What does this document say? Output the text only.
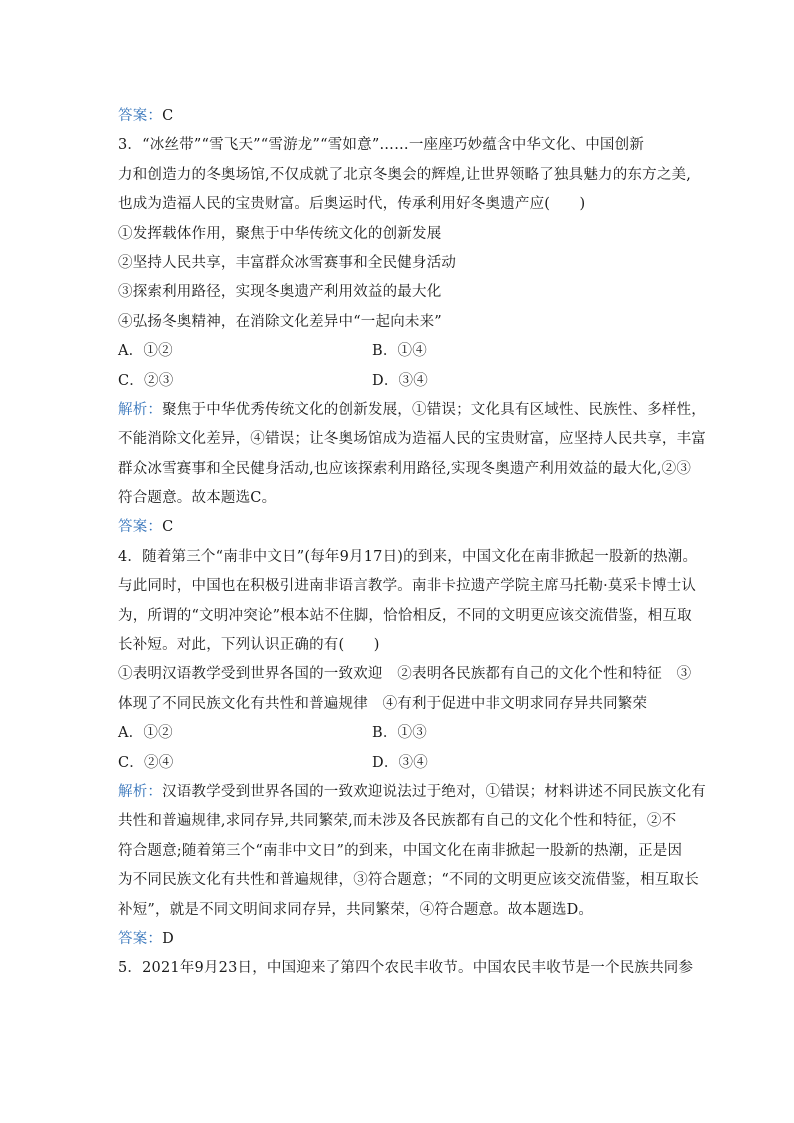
答案：C
3．“冰丝带”“雪飞天”“雪游龙”“雪如意”……一座座巧妙蕴含中华文化、中国创新
力和创造力的冬奥场馆,不仅成就了北京冬奥会的辉煌,让世界领略了独具魅力的东方之美,
也成为造福人民的宝贵财富。后奥运时代，传承利用好冬奥遗产应(　　)
①发挥载体作用，聚焦于中华传统文化的创新发展
②坚持人民共享，丰富群众冰雪赛事和全民健身活动
③探索利用路径，实现冬奥遗产利用效益的最大化
④弘扬冬奥精神，在消除文化差异中“一起向未来”
A．①②	B．①④
C．②③	D．③④
解析：聚焦于中华优秀传统文化的创新发展，①错误；文化具有区域性、民族性、多样性，
不能消除文化差异，④错误；让冬奥场馆成为造福人民的宝贵财富，应坚持人民共享，丰富
群众冰雪赛事和全民健身活动,也应该探索利用路径,实现冬奥遗产利用效益的最大化,②③
符合题意。故本题选C。
答案：C
4．随着第三个“南非中文日”(每年9月17日)的到来，中国文化在南非掀起一股新的热潮。
与此同时，中国也在积极引进南非语言教学。南非卡拉遗产学院主席马托勒·莫采卡博士认
为，所谓的“文明冲突论”根本站不住脚，恰恰相反，不同的文明更应该交流借鉴，相互取
长补短。对此，下列认识正确的有(　　)
①表明汉语教学受到世界各国的一致欢迎　②表明各民族都有自己的文化个性和特征　③
体现了不同民族文化有共性和普遍规律　④有利于促进中非文明求同存异共同繁荣
A．①②	B．①③
C．②④	D．③④
解析：汉语教学受到世界各国的一致欢迎说法过于绝对，①错误；材料讲述不同民族文化有
共性和普遍规律,求同存异,共同繁荣,而未涉及各民族都有自己的文化个性和特征，②不
符合题意;随着第三个“南非中文日”的到来，中国文化在南非掀起一股新的热潮，正是因
为不同民族文化有共性和普遍规律，③符合题意；“不同的文明更应该交流借鉴，相互取长
补短”，就是不同文明间求同存异，共同繁荣，④符合题意。故本题选D。
答案：D
5．2021年9月23日，中国迎来了第四个农民丰收节。中国农民丰收节是一个民族共同参
